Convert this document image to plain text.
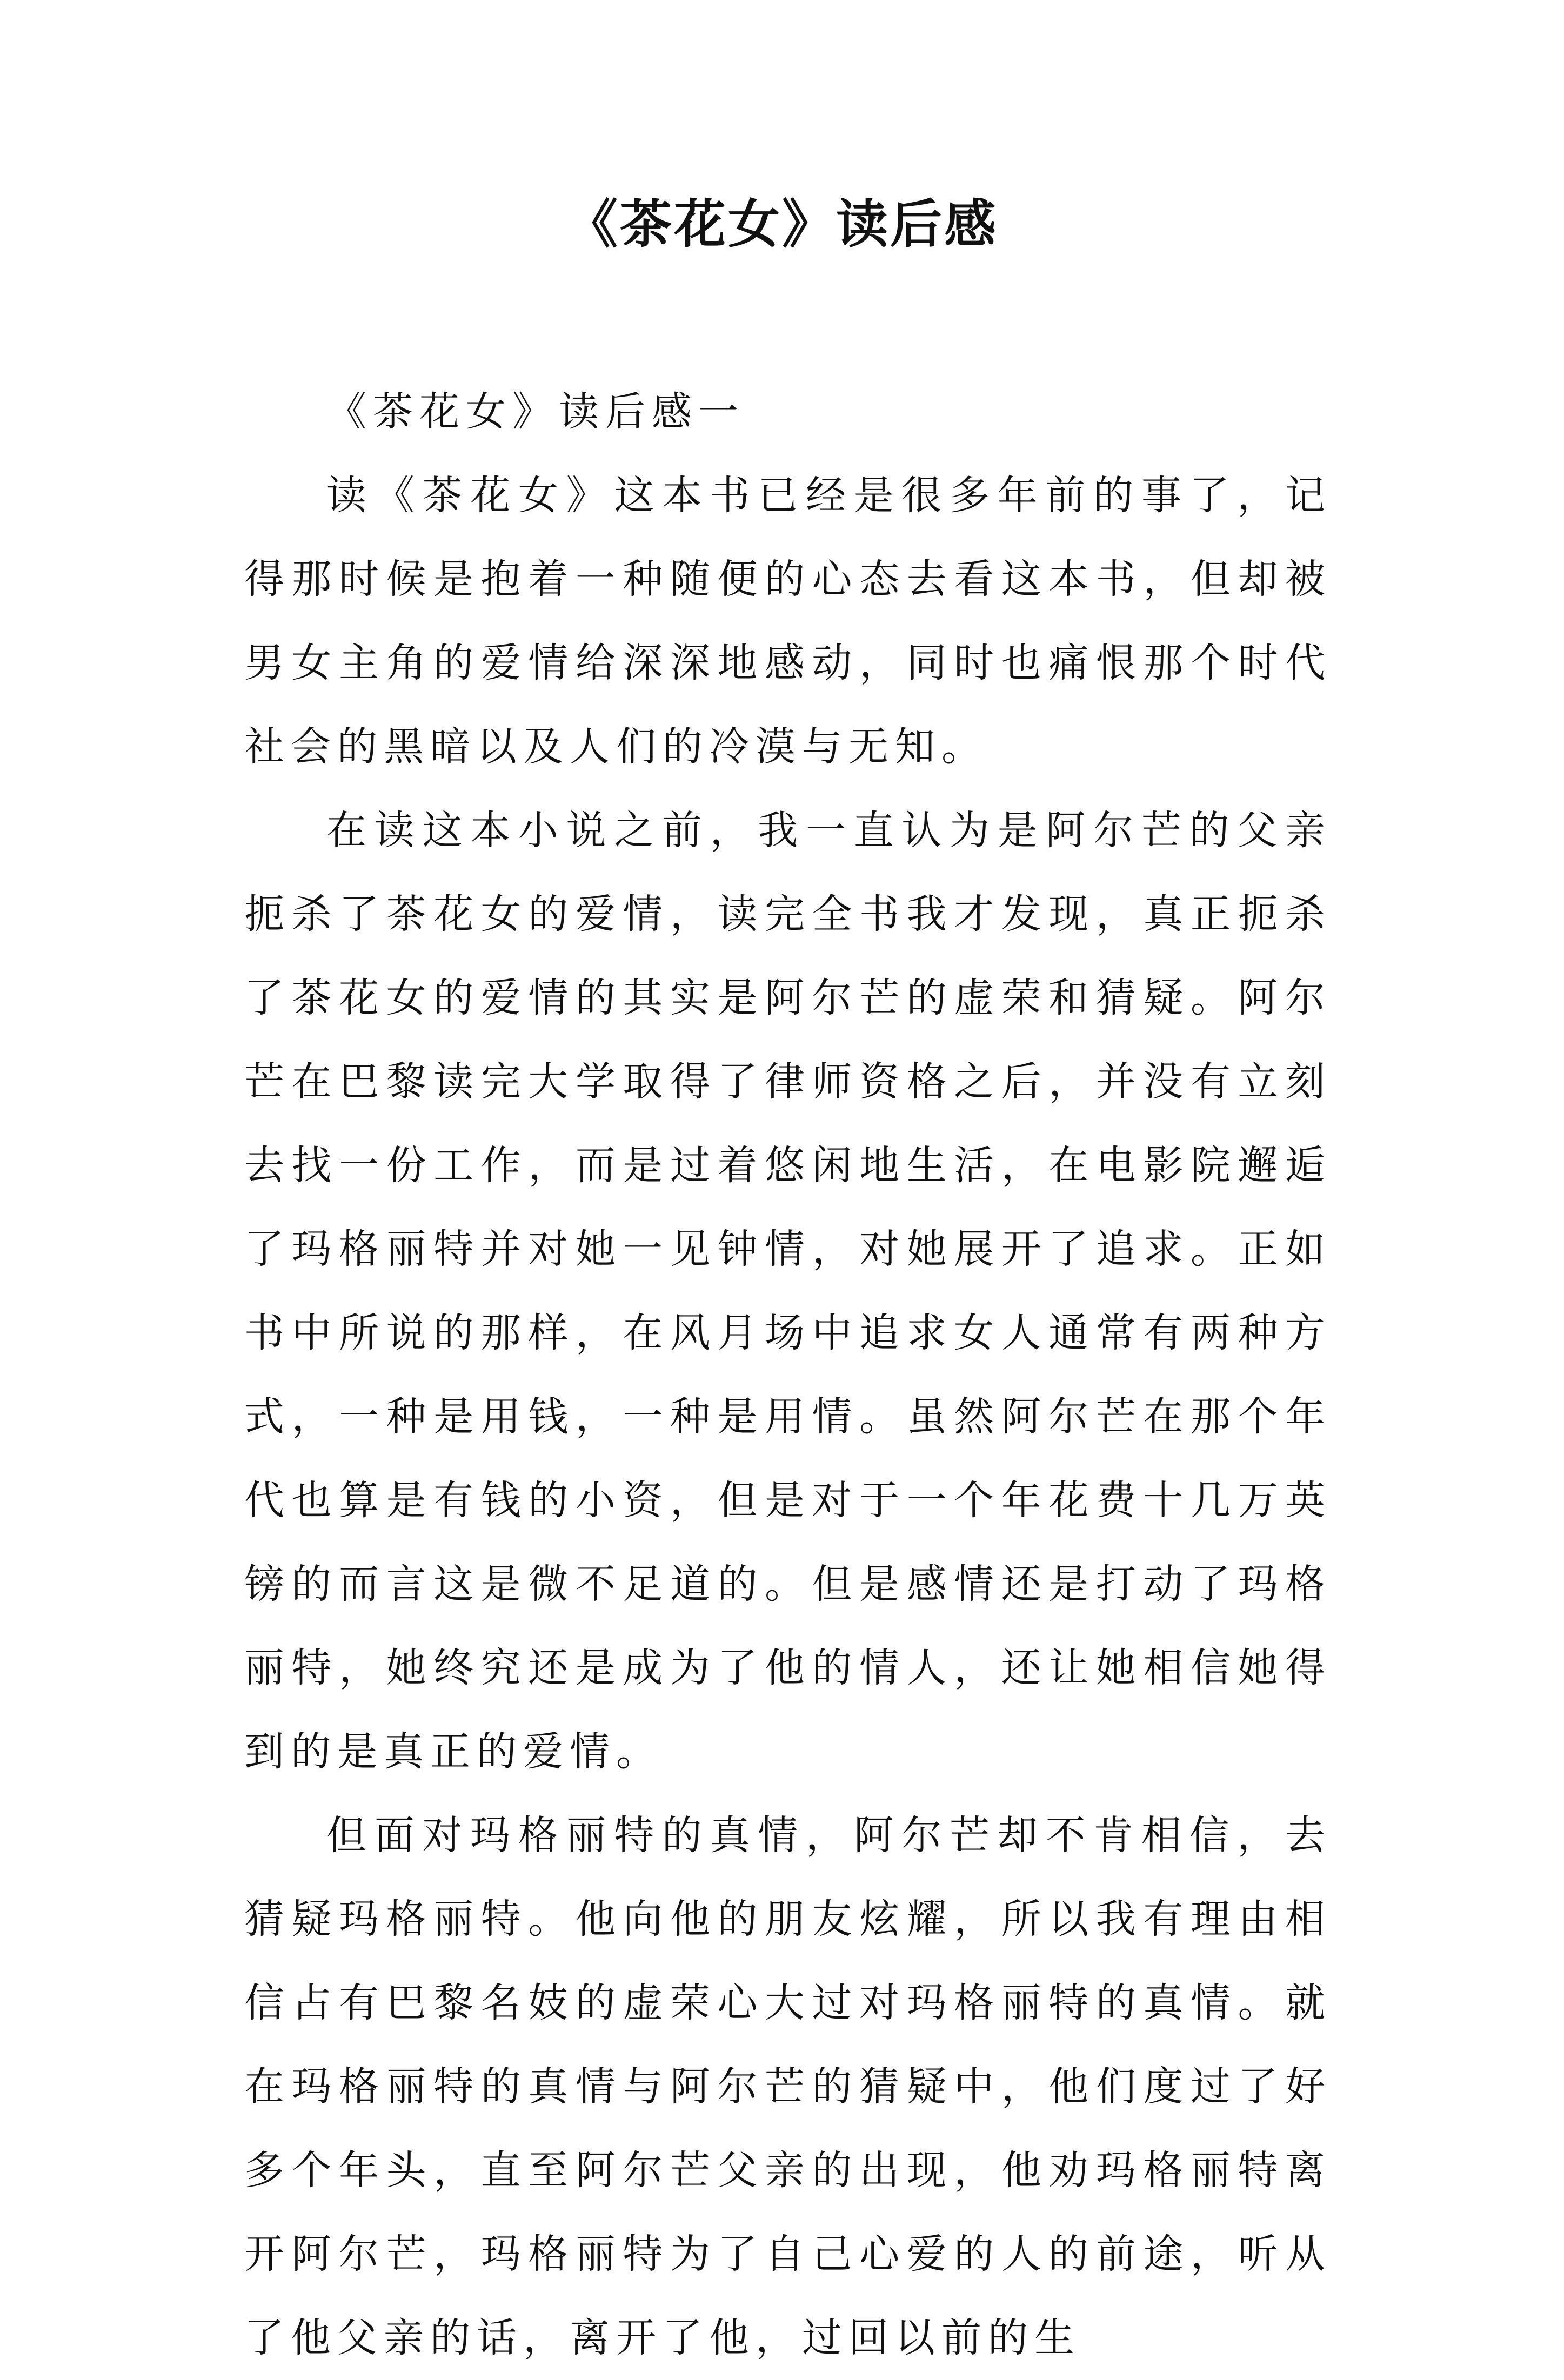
《茶花女》读后感

《茶花女》读后感一

读《茶花女》这本书已经是很多年前的事了，记得那时候是抱着一种随便的心态去看这本书，但却被男女主角的爱情给深深地感动，同时也痛恨那个时代社会的黑暗以及人们的冷漠与无知。

在读这本小说之前，我一直认为是阿尔芒的父亲扼杀了茶花女的爱情，读完全书我才发现，真正扼杀了茶花女的爱情的其实是阿尔芒的虚荣和猜疑。阿尔芒在巴黎读完大学取得了律师资格之后，并没有立刻去找一份工作，而是过着悠闲地生活，在电影院邂逅了玛格丽特并对她一见钟情，对她展开了追求。正如书中所说的那样，在风月场中追求女人通常有两种方式，一种是用钱，一种是用情。虽然阿尔芒在那个年代也算是有钱的小资，但是对于一个年花费十几万英镑的而言这是微不足道的。但是感情还是打动了玛格丽特，她终究还是成为了他的情人，还让她相信她得到的是真正的爱情。

但面对玛格丽特的真情，阿尔芒却不肯相信，去猜疑玛格丽特。他向他的朋友炫耀，所以我有理由相信占有巴黎名妓的虚荣心大过对玛格丽特的真情。就在玛格丽特的真情与阿尔芒的猜疑中，他们度过了好多个年头，直至阿尔芒父亲的出现，他劝玛格丽特离开阿尔芒，玛格丽特为了自己心爱的人的前途，听从了他父亲的话，离开了他，过回以前的生
